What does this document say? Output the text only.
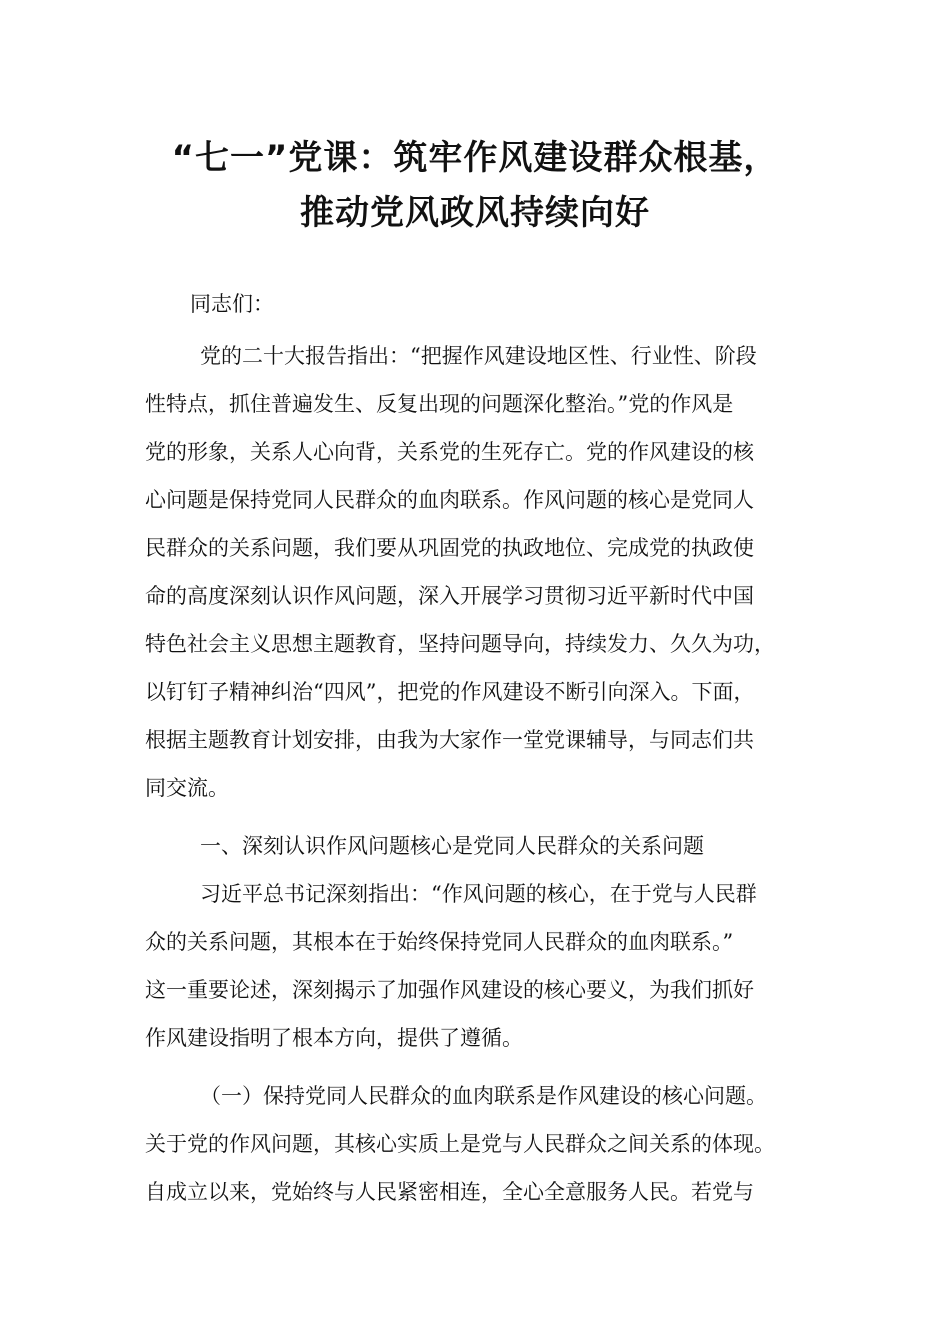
“七一”党课：筑牢作风建设群众根基，
推动党风政风持续向好

同志们：

党的二十大报告指出：“把握作风建设地区性、行业性、阶段

性特点，抓住普遍发生、反复出现的问题深化整治。”党的作风是

党的形象，关系人心向背，关系党的生死存亡。党的作风建设的核

心问题是保持党同人民群众的血肉联系。作风问题的核心是党同人

民群众的关系问题，我们要从巩固党的执政地位、完成党的执政使

命的高度深刻认识作风问题，深入开展学习贯彻习近平新时代中国

特色社会主义思想主题教育，坚持问题导向，持续发力、久久为功，

以钉钉子精神纠治“四风”，把党的作风建设不断引向深入。下面，

根据主题教育计划安排，由我为大家作一堂党课辅导，与同志们共

同交流。

一、深刻认识作风问题核心是党同人民群众的关系问题

习近平总书记深刻指出：“作风问题的核心，在于党与人民群

众的关系问题，其根本在于始终保持党同人民群众的血肉联系。”

这一重要论述，深刻揭示了加强作风建设的核心要义，为我们抓好

作风建设指明了根本方向，提供了遵循。

（一）保持党同人民群众的血肉联系是作风建设的核心问题。

关于党的作风问题，其核心实质上是党与人民群众之间关系的体现。

自成立以来，党始终与人民紧密相连，全心全意服务人民。若党与
